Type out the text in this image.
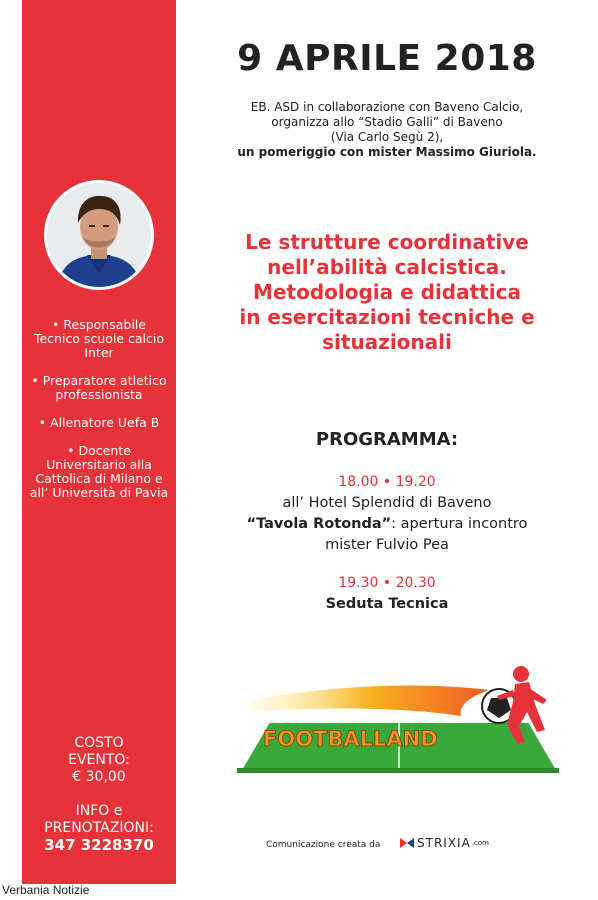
• Responsabile Tecnico scuole calcio Inter
• Preparatore atletico professionista
• Allenatore Uefa B
• Docente Universitario alla Cattolica di Milano e all’ Università di Pavia
COSTO
EVENTO:
€ 30,00
INFO e
PRENOTAZIONI:
347 3228370
9 APRILE 2018
EB. ASD in collaborazione con Baveno Calcio,
organizza allo “Stadio Galli” di Baveno
(Via Carlo Segù 2),
un pomeriggio con mister Massimo Giuriola.
Le strutture coordinative
nell’abilità calcistica.
Metodologia e didattica
in esercitazioni tecniche e
situazionali
PROGRAMMA:
18.00 • 19.20
all’ Hotel Splendid di Baveno
“Tavola Rotonda”: apertura incontro
mister Fulvio Pea
19.30 • 20.30
Seduta Tecnica
FOOTBALLAND
Comunicazione creata da	STRIXIA .com
Verbania Notizie
